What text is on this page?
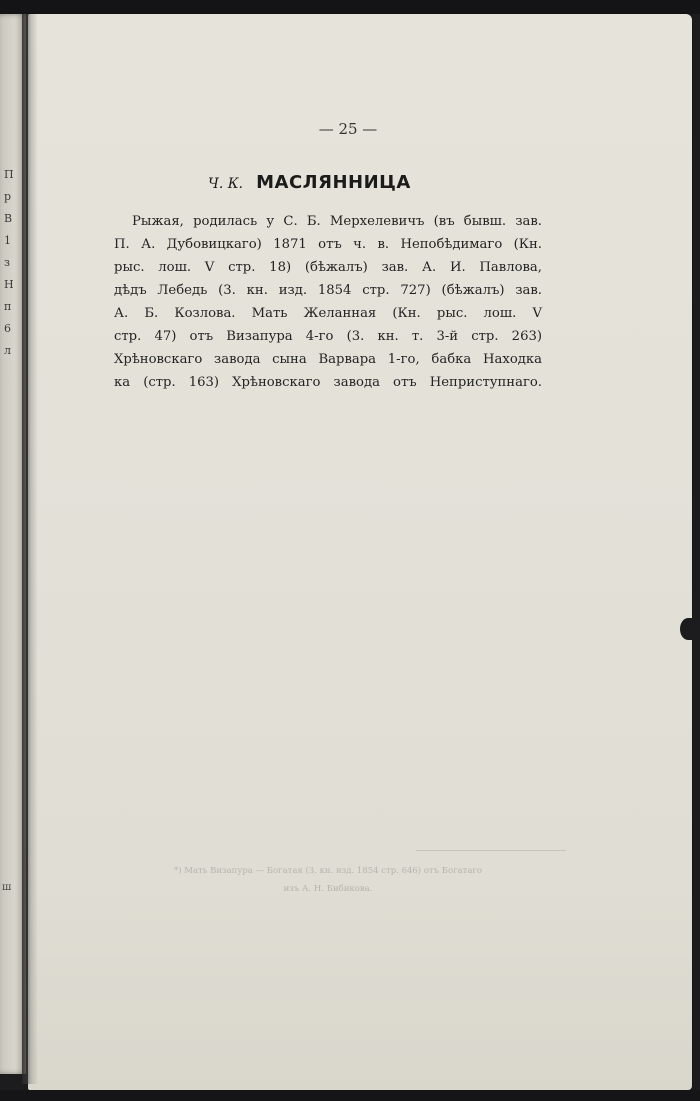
П
р
В
1
з
Н
п
6
л
ш
— 25 —
Ч. К. МАСЛЯННИЦА
Рыжая, родилась у С. Б. Мерхелевичъ (въ бывш. зав.
П. А. Дубовицкаго) 1871 отъ ч. в. Непобѣдимаго (Кн.
рыс. лош. V стр. 18) (бѣжалъ) зав. А. И. Павлова,
дѣдъ Лебедь (3. кн. изд. 1854 стр. 727) (бѣжалъ) зав.
А. Б. Козлова. Мать Желанная (Кн. рыс. лош. V
стр. 47) отъ Визапура 4-го (3. кн. т. 3-й стр. 263)
Хрѣновскаго завода сына Варвара 1-го, бабка Находка
ка (стр. 163) Хрѣновскаго завода отъ Неприступнаго.
*) Мать Визапура — Богатая (3. кн. изд. 1854 стр. 646) отъ Богатаго
изъ А. Н. Бибикова.
